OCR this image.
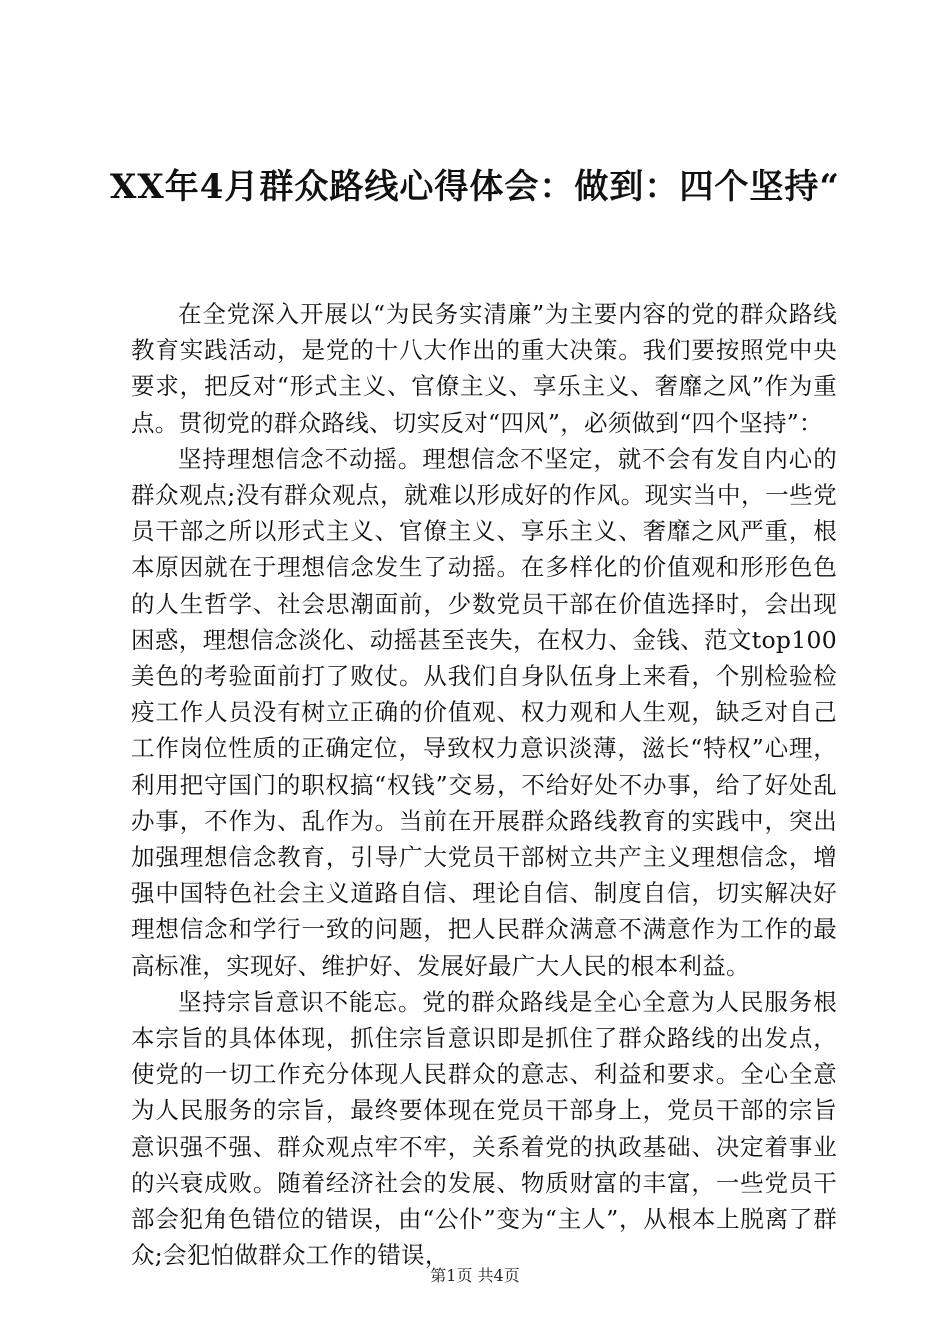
XX年4月群众路线心得体会：做到：四个坚持“

在全党深入开展以“为民务实清廉”为主要内容的党的群众路线教育实践活动，是党的十八大作出的重大决策。我们要按照党中央要求，把反对“形式主义、官僚主义、享乐主义、奢靡之风”作为重点。贯彻党的群众路线、切实反对“四风”，必须做到“四个坚持”：

坚持理想信念不动摇。理想信念不坚定，就不会有发自内心的群众观点;没有群众观点，就难以形成好的作风。现实当中，一些党员干部之所以形式主义、官僚主义、享乐主义、奢靡之风严重，根本原因就在于理想信念发生了动摇。在多样化的价值观和形形色色的人生哲学、社会思潮面前，少数党员干部在价值选择时，会出现困惑，理想信念淡化、动摇甚至丧失，在权力、金钱、范文top100美色的考验面前打了败仗。从我们自身队伍身上来看，个别检验检疫工作人员没有树立正确的价值观、权力观和人生观，缺乏对自己工作岗位性质的正确定位，导致权力意识淡薄，滋长“特权”心理，利用把守国门的职权搞“权钱”交易，不给好处不办事，给了好处乱办事，不作为、乱作为。当前在开展群众路线教育的实践中，突出加强理想信念教育，引导广大党员干部树立共产主义理想信念，增强中国特色社会主义道路自信、理论自信、制度自信，切实解决好理想信念和学行一致的问题，把人民群众满意不满意作为工作的最高标准，实现好、维护好、发展好最广大人民的根本利益。

坚持宗旨意识不能忘。党的群众路线是全心全意为人民服务根本宗旨的具体体现，抓住宗旨意识即是抓住了群众路线的出发点，使党的一切工作充分体现人民群众的意志、利益和要求。全心全意为人民服务的宗旨，最终要体现在党员干部身上，党员干部的宗旨意识强不强、群众观点牢不牢，关系着党的执政基础、决定着事业的兴衰成败。随着经济社会的发展、物质财富的丰富，一些党员干部会犯角色错位的错误，由“公仆”变为“主人”，从根本上脱离了群众;会犯怕做群众工作的错误，

第1页 共4页
